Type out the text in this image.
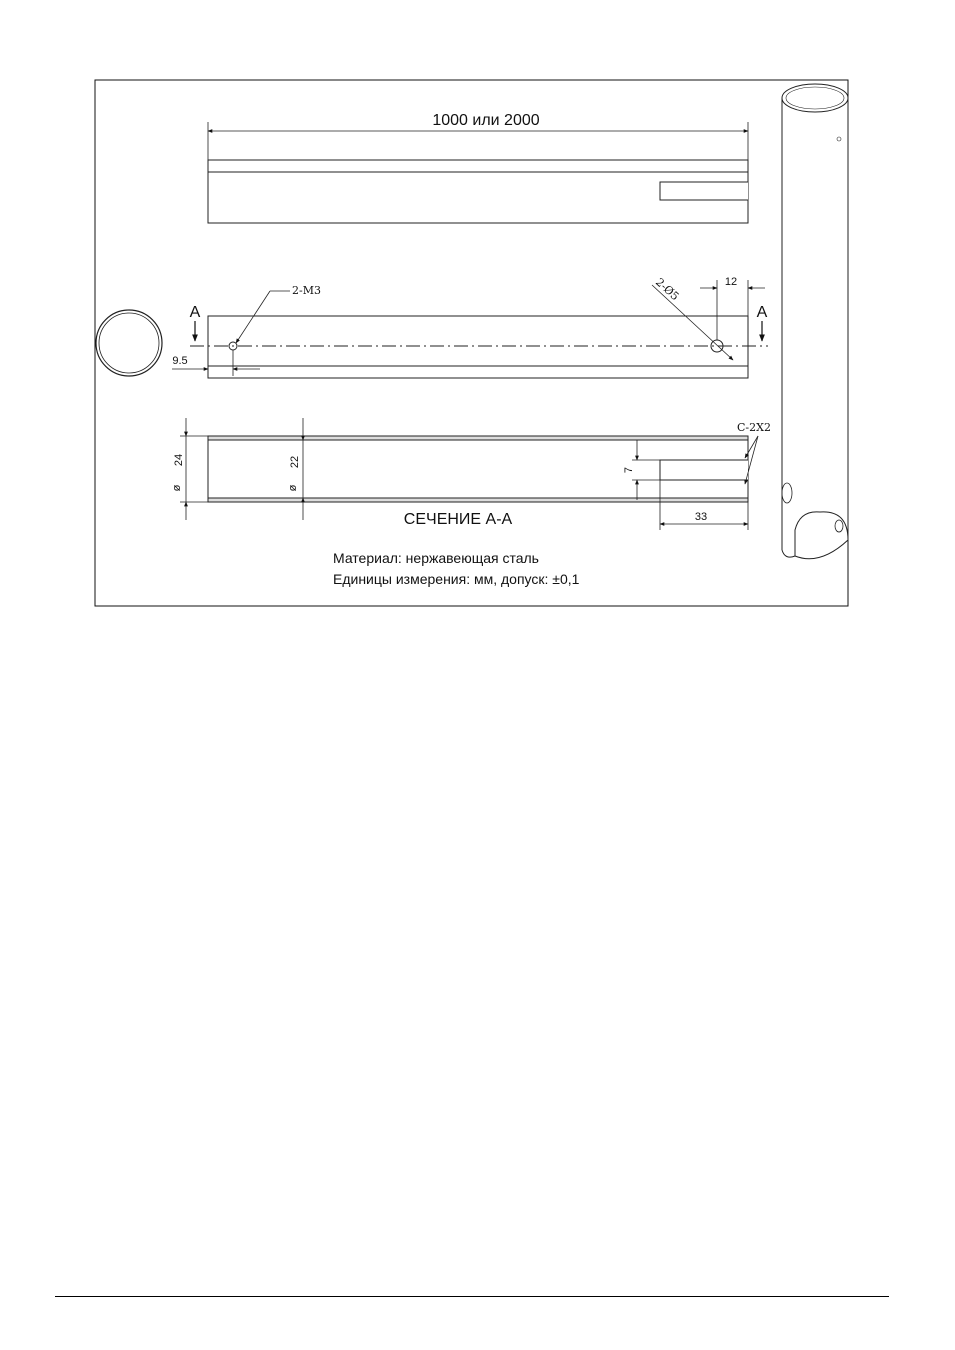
1000 или 2000
A	A
2-M3	2-Ø5	12
9.5
24
ø
22
ø
7
33
C-2X2
СЕЧЕНИЕ А-А
Материал: нержавеющая сталь
Единицы измерения: мм, допуск: ±0,1
